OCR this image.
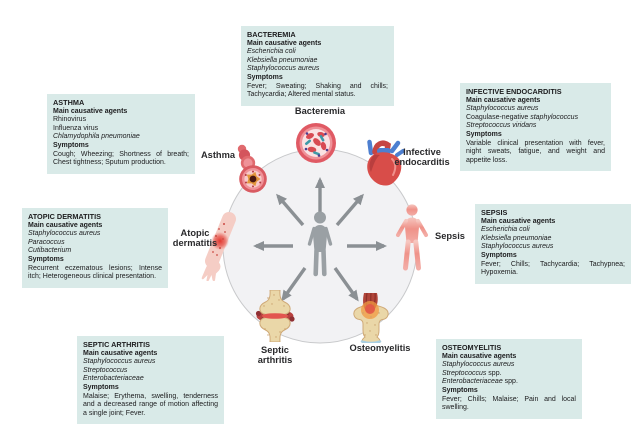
Bacteremia
Asthma	Infective endocarditis
Sepsis
Osteomyelitis
Septic arthritis
Atopic dermatitis
BACTEREMIA
Main causative agents
Escherichia coli
Klebsiella pneumoniae
Staphylococcus aureus
Symptoms
Fever; Sweating; Shaking and chills; Tachycardia; Altered mental status.
ASTHMA
Main causative agents
Rhinovirus
Influenza virus
Chlamydophila pneumoniae
Symptoms
Cough; Wheezing; Shortness of breath; Chest tightness; Sputum production.
INFECTIVE ENDOCARDITIS
Main causative agents
Staphylococcus aureus
Coagulase-negative staphylococcus
Streptococcus viridans
Symptoms
Variable clinical presentation with fever, night sweats, fatigue, and weight and appetite loss.
ATOPIC DERMATITIS
Main causative agents
Staphylococcus aureus
Paracoccus
Cutibacterium
Symptoms
Recurrent eczematous lesions; Intense itch; Heterogeneous clinical presentation.
SEPSIS
Main causative agents
Escherichia coli
Klebsiella pneumoniae
Staphylococcus aureus
Symptoms
Fever; Chills; Tachycardia; Tachypnea; Hypoxemia.
SEPTIC ARTHRITIS
Main causative agents
Staphylococcus aureus
Streptococcus
Enterobacteriaceae
Symptoms
Malaise; Erythema, swelling, tenderness and a decreased range of motion affecting a single joint; Fever.
OSTEOMYELITIS
Main causative agents
Staphylococcus aureus
Streptococcus spp.
Enterobacteriaceae spp.
Symptoms
Fever; Chills; Malaise; Pain and local swelling.
